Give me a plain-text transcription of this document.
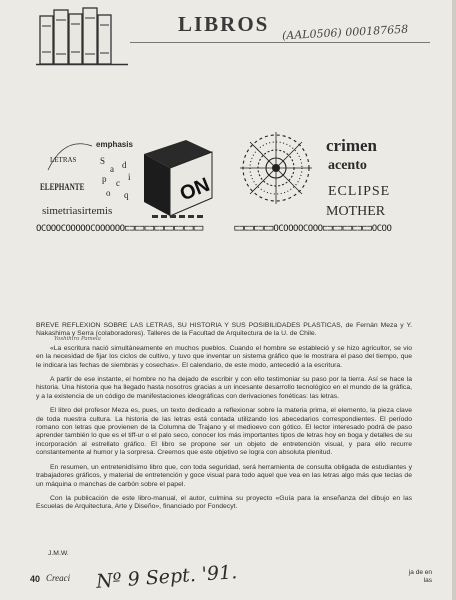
LIBROS (AAL0506) 000187658
LETRAS
emphasis
S
a d
p c
i
o q
ELEPHANTE
simetriasirtemis
ON
crimen
acento
ECLIPSE
MOTHER
OCOOOCOOOOOCOOOOOO⊏⊐⊏⊐⊏⊐⊏⊐⊏⊐⊏⊐⊏⊐⊏⊐	⊏⊐⊏⊐⊏⊐⊏⊐OCOOOOCOOO⊏⊐⊏⊐⊏⊐⊏⊐⊏⊐OCOO

BREVE REFLEXION SOBRE LAS LETRAS, SU HISTORIA Y SUS POSIBILIDADES PLASTICAS, de Fernán Meza y Y. Nakashima y Serra (colaboradores). Talleres de la Facultad de Arquitectura de la U. de Chile.

«La escritura nació simultáneamente en muchos pueblos. Cuando el hombre se estableció y se hizo agricultor, se vio en la necesidad de fijar los ciclos de cultivo, y tuvo que inventar un sistema gráfico que le mostrara el paso del tiempo, que le indicara las fechas de siembras y cosechas». El calendario, de este modo, antecedió a la escritura.

A partir de ese instante, el hombre no ha dejado de escribir y con ello testimoniar su paso por la tierra. Así se hace la historia. Una historia que ha llegado hasta nosotros gracias a un incesante desarrollo tecnológico en el mundo de la gráfica, y a la existencia de un código de manifestaciones ideográficas con derivaciones fonéticas: las letras.

El libro del profesor Meza es, pues, un texto dedicado a reflexionar sobre la materia prima, el elemento, la pieza clave de toda nuestra cultura. La historia de las letras está contada utilizando los abecedarios correspondientes. El período romano con letras que provienen de la Columna de Trajano y el medioevo con gótico. El lector interesado podrá de paso aprender también lo que es el tiff-ur o el palo seco, conocer los más importantes tipos de letras hoy en boga y detalles de su incorporación al estrellato gráfico. El libro se propone ser un objeto de entretención visual, y para ello recurre constantemente al humor y la sorpresa. Creemos que este objetivo se logra con absoluta plenitud.

En resumen, un entretenidísimo libro que, con toda seguridad, será herramienta de consulta obligada de estudiantes y trabajadores gráficos, y material de entretención y goce visual para todo aquel que vea en las letras algo más que teclas de un máquina o manchas de carbón sobre el papel.

Con la publicación de este libro-manual, el autor, culmina su proyecto «Guía para la enseñanza del dibujo en las Escuelas de Arquitectura, Arte y Diseño», financiado por Fondecyt.

Yoshihiro Pamela
J.M.W.
40 Creaci Nº 9 Sept. '91.	ja de en las
